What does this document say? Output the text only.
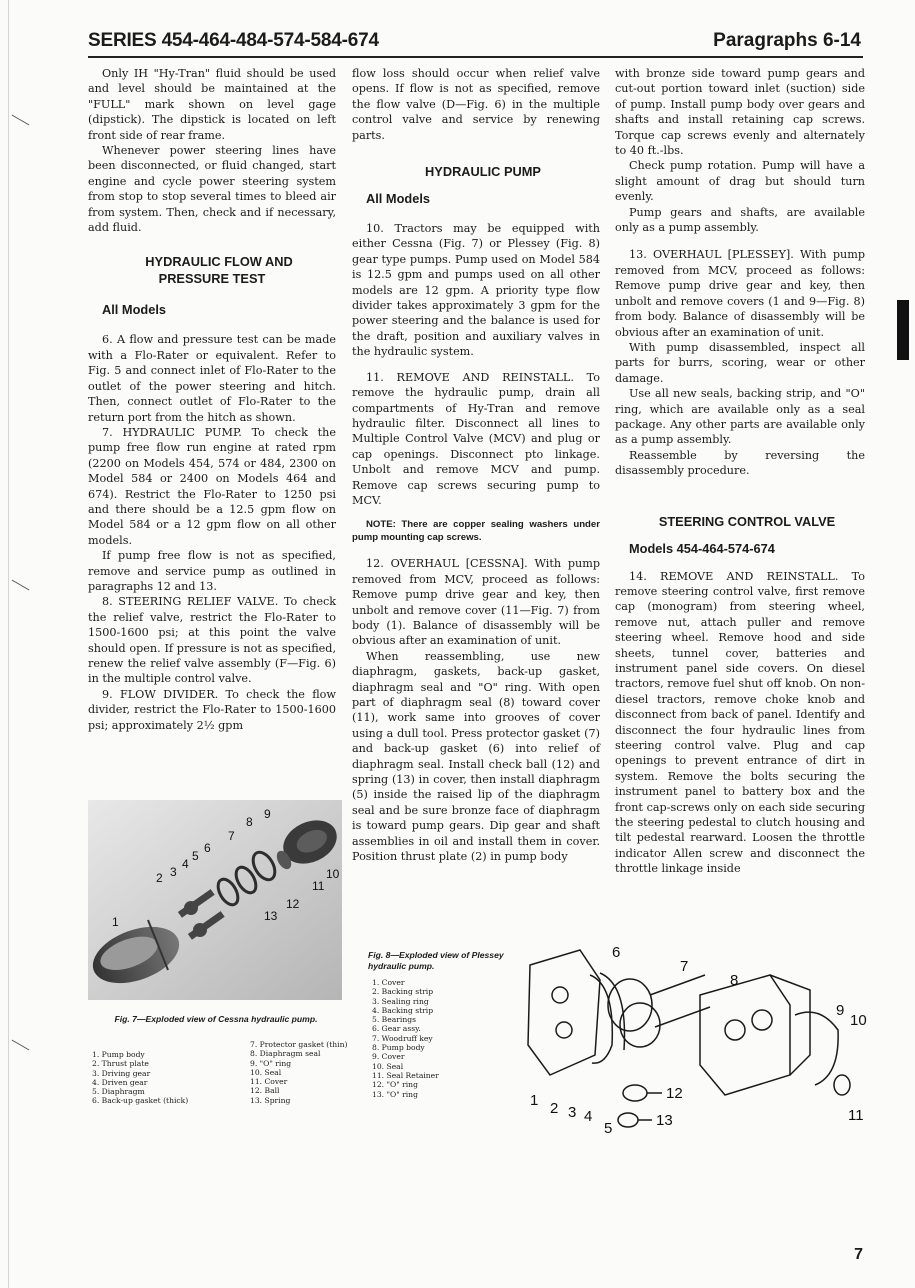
SERIES 454-464-484-574-584-674	Paragraphs 6-14

Only IH "Hy-Tran" fluid should be used and level should be maintained at the "FULL" mark shown on level gage (dipstick). The dipstick is located on left front side of rear frame.

Whenever power steering lines have been disconnected, or fluid changed, start engine and cycle power steering system from stop to stop several times to bleed air from system. Then, check and if necessary, add fluid.

HYDRAULIC FLOW AND PRESSURE TEST

All Models

6. A flow and pressure test can be made with a Flo-Rater or equivalent. Refer to Fig. 5 and connect inlet of Flo-Rater to the outlet of the power steering and hitch. Then, connect outlet of Flo-Rater to the return port from the hitch as shown.

7. HYDRAULIC PUMP. To check the pump free flow run engine at rated rpm (2200 on Models 454, 574 or 484, 2300 on Model 584 or 2400 on Models 464 and 674). Restrict the Flo-Rater to 1250 psi and there should be a 12.5 gpm flow on Model 584 or a 12 gpm flow on all other models.

If pump free flow is not as specified, remove and service pump as outlined in paragraphs 12 and 13.

8. STEERING RELIEF VALVE. To check the relief valve, restrict the Flo-Rater to 1500-1600 psi; at this point the valve should open. If pressure is not as specified, renew the relief valve assembly (F—Fig. 6) in the multiple control valve.

9. FLOW DIVIDER. To check the flow divider, restrict the Flo-Rater to 1500-1600 psi; approximately 2½ gpm

flow loss should occur when relief valve opens. If flow is not as specified, remove the flow valve (D—Fig. 6) in the multiple control valve and service by renewing parts.

HYDRAULIC PUMP

All Models

10. Tractors may be equipped with either Cessna (Fig. 7) or Plessey (Fig. 8) gear type pumps. Pump used on Model 584 is 12.5 gpm and pumps used on all other models are 12 gpm. A priority type flow divider takes approximately 3 gpm for the power steering and the balance is used for the draft, position and auxiliary valves in the hydraulic system.

11. REMOVE AND REINSTALL. To remove the hydraulic pump, drain all compartments of Hy-Tran and remove hydraulic filter. Disconnect all lines to Multiple Control Valve (MCV) and plug or cap openings. Disconnect pto linkage. Unbolt and remove MCV and pump. Remove cap screws securing pump to MCV.

NOTE: There are copper sealing washers under pump mounting cap screws.

12. OVERHAUL [CESSNA]. With pump removed from MCV, proceed as follows: Remove pump drive gear and key, then unbolt and remove cover (11—Fig. 7) from body (1). Balance of disassembly will be obvious after an examination of unit.

When reassembling, use new diaphragm, gaskets, back-up gasket, diaphragm seal and "O" ring. With open part of diaphragm seal (8) toward cover (11), work same into grooves of cover using a dull tool. Press protector gasket (7) and back-up gasket (6) into relief of diaphragm seal. Install check ball (12) and spring (13) in cover, then install diaphragm (5) inside the raised lip of the diaphragm seal and be sure bronze face of diaphragm is toward pump gears. Dip gear and shaft assemblies in oil and install them in cover. Position thrust plate (2) in pump body

with bronze side toward pump gears and cut-out portion toward inlet (suction) side of pump. Install pump body over gears and shafts and install retaining cap screws. Torque cap screws evenly and alternately to 40 ft.-lbs.

Check pump rotation. Pump will have a slight amount of drag but should turn evenly.

Pump gears and shafts, are available only as a pump assembly.

13. OVERHAUL [PLESSEY]. With pump removed from MCV, proceed as follows: Remove pump drive gear and key, then unbolt and remove covers (1 and 9—Fig. 8) from body. Balance of disassembly will be obvious after an examination of unit.

With pump disassembled, inspect all parts for burrs, scoring, wear or other damage.

Use all new seals, backing strip, and "O" ring, which are available only as a seal package. Any other parts are available only as a pump assembly.

Reassemble by reversing the disassembly procedure.

STEERING CONTROL VALVE

Models 454-464-574-674

14. REMOVE AND REINSTALL. To remove steering control valve, first remove cap (monogram) from steering wheel, remove nut, attach puller and remove steering wheel. Remove hood and side sheets, tunnel cover, batteries and instrument panel side covers. On diesel tractors, remove fuel shut off knob. On non-diesel tractors, remove choke knob and disconnect from back of panel. Identify and disconnect the four hydraulic lines from steering control valve. Plug and cap openings to prevent entrance of dirt in system. Remove the bolts securing the instrument panel to battery box and the front cap-screws only on each side securing the steering pedestal to clutch housing and tilt pedestal rearward. Loosen the throttle indicator Allen screw and disconnect the throttle linkage inside

1
2 3
4
5
6
7
8
9
10
11
12
13
Fig. 7—Exploded view of Cessna hydraulic pump.
1. Pump body
2. Thrust plate
3. Driving gear
4. Driven gear
5. Diaphragm
6. Back-up gasket (thick)
7. Protector gasket (thin)
8. Diaphragm seal
9. "O" ring
10. Seal
11. Cover
12. Ball
13. Spring
Fig. 8—Exploded view of Plessey hydraulic pump.
1. Cover
2. Backing strip
3. Sealing ring
4. Backing strip
5. Bearings
6. Gear assy.
7. Woodruff key
8. Pump body
9. Cover
10. Seal
11. Seal Retainer
12. "O" ring
13. "O" ring	1 2 3 4
5
6
7
8
9
10
11
12
13
7
